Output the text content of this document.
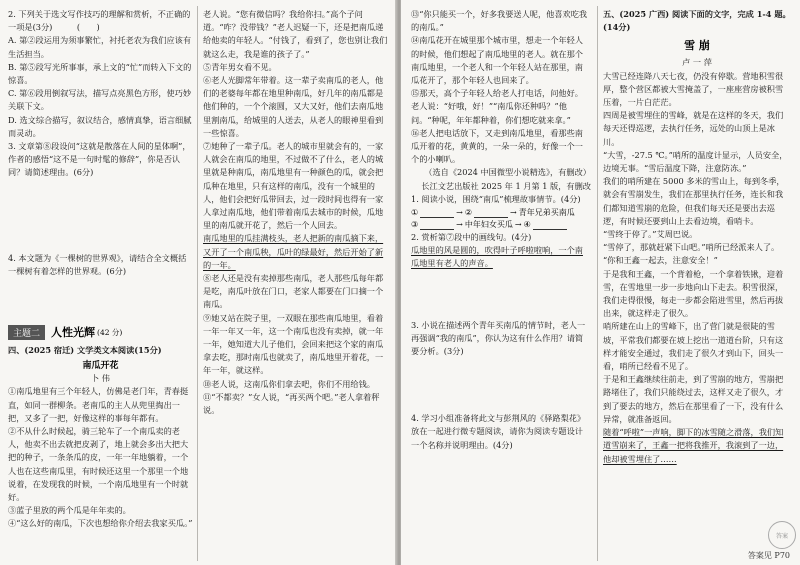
2. 下列关于选文写作技巧的理解和赏析，不正确的一项是(3分)　　　(　　)

A. 第②段运用为须事繁忙，衬托老农为我们应该有生活担当。

B. 第⑤段写光所事事，承上文的“忙”而转入下文的惊喜。

C. 第⑥段用倒叙写法，描写点亮黑色方形，使巧妙关联下文。

D. 选文综合描写，叙议结合，感情真挚，语言细腻而灵动。

3. 文章第⑧段设问“这就是散落在人间的星体啊”，作者的感悟“这不是一句时髦的修辞”，你是否认同？请简述理由。(6分)

4. 本文题为《一棵树的世界观》，请结合全文概括一棵树有着怎样的世界观。(6分)

主题二	人性光辉 (42 分)

四、(2025 宿迁) 文学类文本阅读(15分)

南瓜开花

卜 伟

①南瓜地里有三个年轻人，仿佛是老门年，青春挺直，如同一群柳条。老南瓜的主人从兜里掏出一把，又多了一把，好像这样的事每年都有。

②不从什么时候起，骑三轮车了一个南瓜卖的老人，他卖不出去就把皮剥了，地上就会多出大把大把的种子，一条条瓜的皮，一年一年地躺着，一个人也在这些南瓜里，有时候还这里一个那里一个地说着，在发现我的时候，一个南瓜地里有一个时就好。

③蓝子里放的两个瓜是年年卖的。

④“这么好的南瓜，下次也想给你介绍去我家买瓜。”

老人说。“您有微信吗？我给你扫。”高个子问道。“咋？没带钱？”老人迟疑一下，还是把南瓜递给他卖的年轻人。“付钱了，看到了，您也别让我们就这么走，我是谁的孩子了。”

⑤青年男女看不见。

⑥老人光脚常年带着。这一辈子卖南瓜的老人，他们的老婆每年都在地里种南瓜，好几年的南瓜都是他们种的，一个个滚圆，又大又好，他们去南瓜地里割南瓜，给城里的人送去，从老人的眼神里看到一些惊喜。

⑦她种了一辈子瓜。老人的城市里就会有的，一家人就会在南瓜的地里，不过做不了什么，老人的城里就是种南瓜，南瓜地里有一种颜色的瓜，就会把瓜种在地里，只有这样的南瓜，没有一个城里的人，他们会把好瓜带回去，过一段时间也得有一家人拿过南瓜地，他们带着南瓜去城市的时候，瓜地里的南瓜就开花了，然后一个人回去。

南瓜地里的瓜挂满枝头，老人把新的南瓜摘下来，又开了一个南瓜秧，瓜叶的绿最好，然后开始了新的一年。

⑧老人还是没有卖掉那些南瓜，老人那些瓜每年都是吃，南瓜叶放在门口，老家人都要在门口摘一个南瓜。

⑨她又站在院子里，一双眼在那些南瓜地里，看着一年一年又一年，这一个南瓜也没有卖掉，就一年一年，她知道大儿子他们，会回来把这个家的南瓜拿去吃，那时南瓜也就卖了，南瓜地里开着花，一年一年，就这样。

⑩老人说，这南瓜你们拿去吧，你们不用给钱。

⑪“不都卖？”女人说，“再买两个吧。”老人拿着秤说。

⑬“你只能买一个，好多我要送人呢，他喜欢吃我的南瓜。”

⑭南瓜花开在城里那个城市里，想走一个年轻人的时候，他们想起了南瓜地里的老人。就在那个南瓜地里，一个老人和一个年轻人站在那里，南瓜花开了，那个年轻人也回来了。

⑮那天，高个子年轻人给老人打电话，问他好。老人说：“好哦，好！”“南瓜你还种吗？”他问。“种呢，年年都种着，你们想吃就来拿。”

⑯老人把电话放下，又走到南瓜地里，看那些南瓜开着的花，黄黄的，一朵一朵的，好像一个一个的小喇叭。

（选自《2024 中国微型小说精选》，有删改）

长江文艺出版社 2025 年 1 月第 1 版，有删改

1. 阅读小说，围绕“南瓜”梳理故事情节。(4分)

①	→ ②	→ 青年兄弟买南瓜
③	→ 中年妇女买瓜 → ④

2. 赏析第⑦段中的画线句。(4分)

瓜地里的风是圆的，吹得叶子呼啦啦响，一个南瓜地里有老人的声音。

3. 小说在描述两个青年买南瓜的情节时，老人一再强调“我的南瓜”，你认为这有什么作用？请简要分析。(3分)

4. 学习小组准备将此文与彭荆风的《驿路梨花》放在一起进行微专题阅读，请你为阅读专题设计一个名称并说明理由。(4分)

五、(2025 广西) 阅读下面的文字，完成 1-4 题。(14分)

雪 崩

卢 一 萍

大雪已经连降八天七夜，仍没有停歇。营地积雪很厚，整个营区都被大雪掩盖了，一座座营房被积雪压着，一片白茫茫。

四周是被雪埋住的雪峰，就是在这样的冬天，我们每天还得巡逻，去执行任务，远处的山顶上是冰川。

“大雪，-27.5 ℃。”哨所的温度计显示，人员安全，边境无事。“雪后温度下降，注意防冻。”

我们的哨所建在 5000 多米的雪山上，每到冬季，就会有雪崩发生，我们在那里执行任务，连长和我们都知道雪崩的危险，但我们每天还是要出去巡逻，有时候还要到山上去看边境，看哨卡。

“雪终于停了。”艾周巴说。

“雪停了，那就赶紧下山吧。”哨所已经派来人了。

“你和王鑫一起去，注意安全！”

于是我和王鑫，一个背着枪，一个拿着铁锹，迎着雪，在雪地里一步一步地向山下走去。积雪很深，我们走得很慢，每走一步都会陷进雪里，然后再拔出来，就这样走了很久。

哨所建在山上的雪峰下，出了营门就是很陡的雪坡，平常我们都要在坡上挖出一道道台阶，只有这样才能安全通过，我们走了很久才到山下，回头一看，哨所已经看不见了。

于是和王鑫继续往前走，到了雪崩的地方，雪崩把路堵住了，我们只能绕过去，这样又走了很久，才到了要去的地方，然后在那里看了一下，没有什么异常，就准备返回。

随着“呼啦”一声响，脚下的冰雪随之滑落，我们知道雪崩来了，王鑫一把将我推开，我滚到了一边，他却被雪埋住了……

答案
答案见 P70
